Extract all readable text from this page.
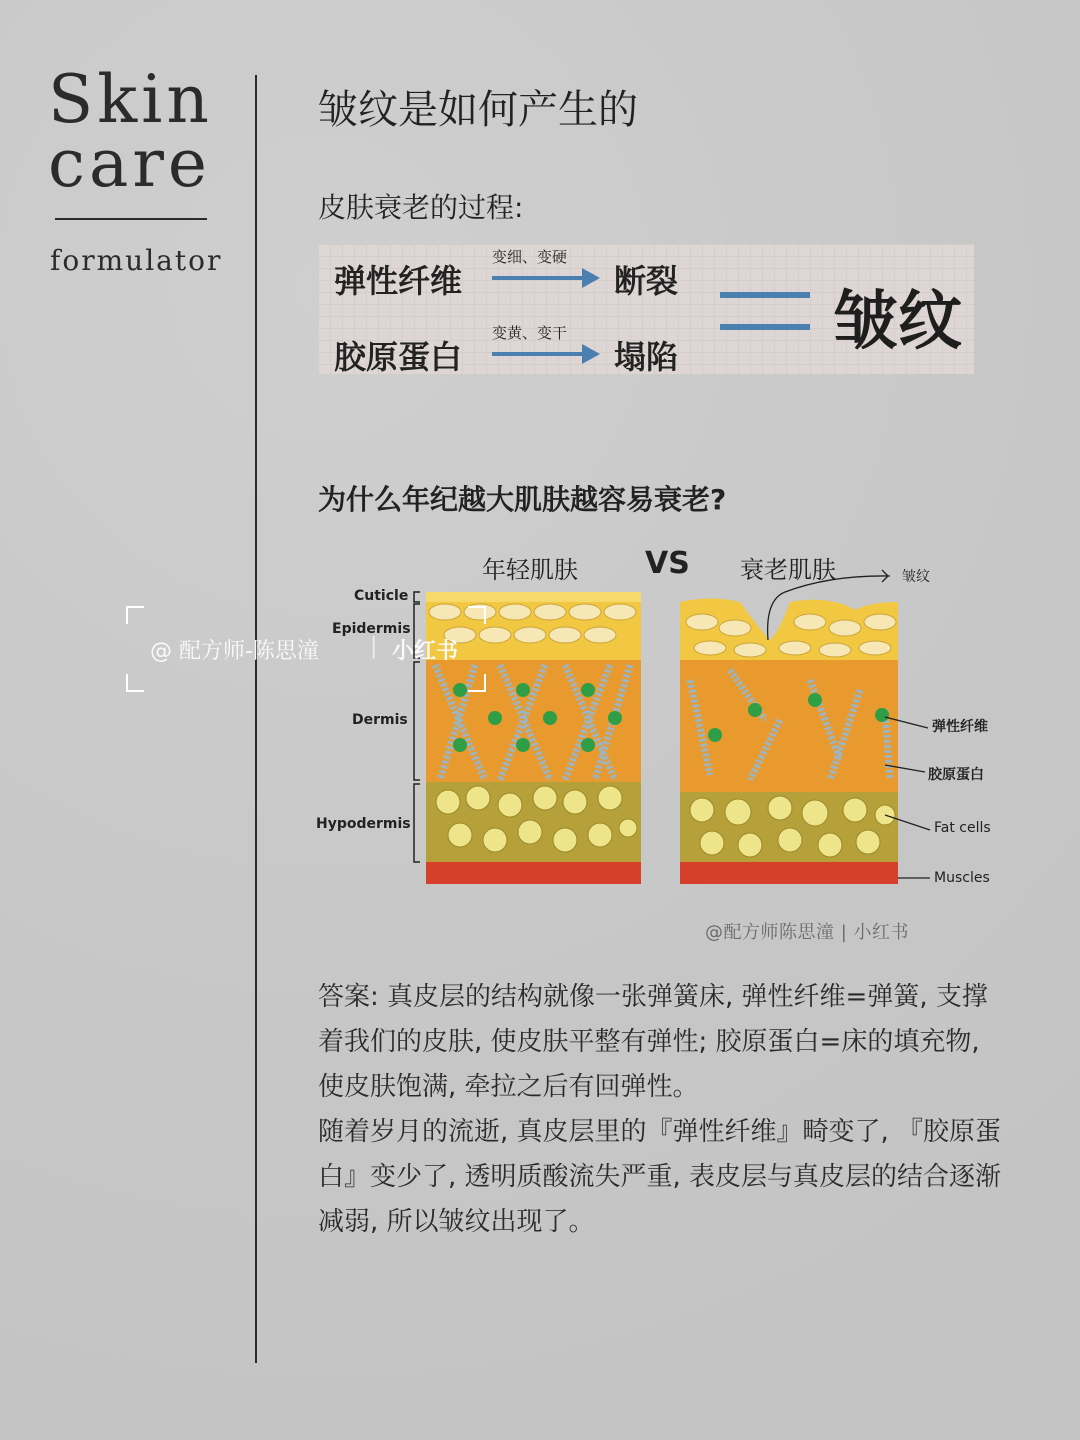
Skin
care
formulator
皱纹是如何产生的
皮肤衰老的过程:
弹性纤维
变细、变硬
断裂
胶原蛋白
变黄、变干
塌陷 皱纹
为什么年纪越大肌肤越容易衰老?
年轻肌肤 VS 衰老肌肤	皱纹
Cuticle
Epidermis
Dermis
Hypodermis
弹性纤维
胶原蛋白
Fat cells
Muscles
@配方师陈思潼 | 小红书
@ 配方师-陈思潼 | 小红书

答案: 真皮层的结构就像一张弹簧床, 弹性纤维=弹簧, 支撑着我们的皮肤, 使皮肤平整有弹性; 胶原蛋白=床的填充物, 使皮肤饱满, 牵拉之后有回弹性。

随着岁月的流逝, 真皮层里的『弹性纤维』畸变了, 『胶原蛋白』变少了, 透明质酸流失严重, 表皮层与真皮层的结合逐渐减弱, 所以皱纹出现了。
